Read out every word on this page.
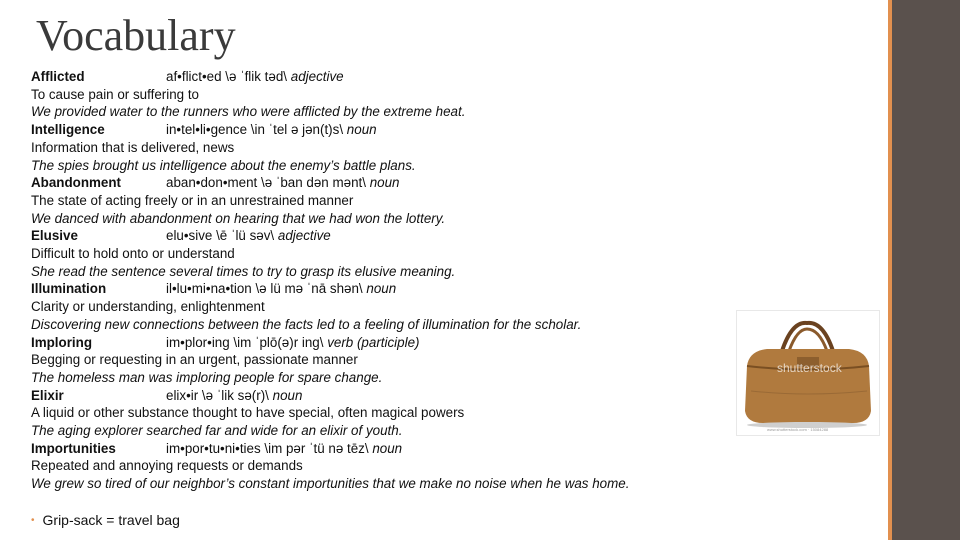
Vocabulary
Afflicted	af•flict•ed \ə ˈflik təd\ adjective
To cause pain or suffering to
We provided water to the runners who were afflicted by the extreme heat.
Intelligence	in•tel•li•gence \in ˈtel ə jən(t)s\ noun
Information that is delivered, news
The spies brought us intelligence about the enemy’s battle plans.
Abandonment	aban•don•ment \ə ˈban dən mənt\ noun
The state of acting freely or in an unrestrained manner
We danced with abandonment on hearing that we had won the lottery.
Elusive	elu•sive \ē ˈlü səv\ adjective
Difficult to hold onto or understand
She read the sentence several times to try to grasp its elusive meaning.
Illumination	il•lu•mi•na•tion \ə lü mə ˈnā shən\ noun
Clarity or understanding, enlightenment
Discovering new connections between the facts led to a feeling of illumination for the scholar.
Imploring	im•plor•ing \im ˈplō(ə)r ing\ verb (participle)
Begging or requesting in an urgent, passionate manner
The homeless man was imploring people for spare change.
Elixir	elix•ir \ə ˈlik sə(r)\ noun
A liquid or other substance thought to have special, often magical powers
The aging explorer searched far and wide for an elixir of youth.
Importunities	im•por•tu•ni•ties \im pər ˈtü nə tēz\ noun
Repeated and annoying requests or demands
We grew so tired of our neighbor’s constant importunities that we make no noise when he was home.
shutterstock
www.shutterstock.com · 15084288
• Grip-sack = travel bag
